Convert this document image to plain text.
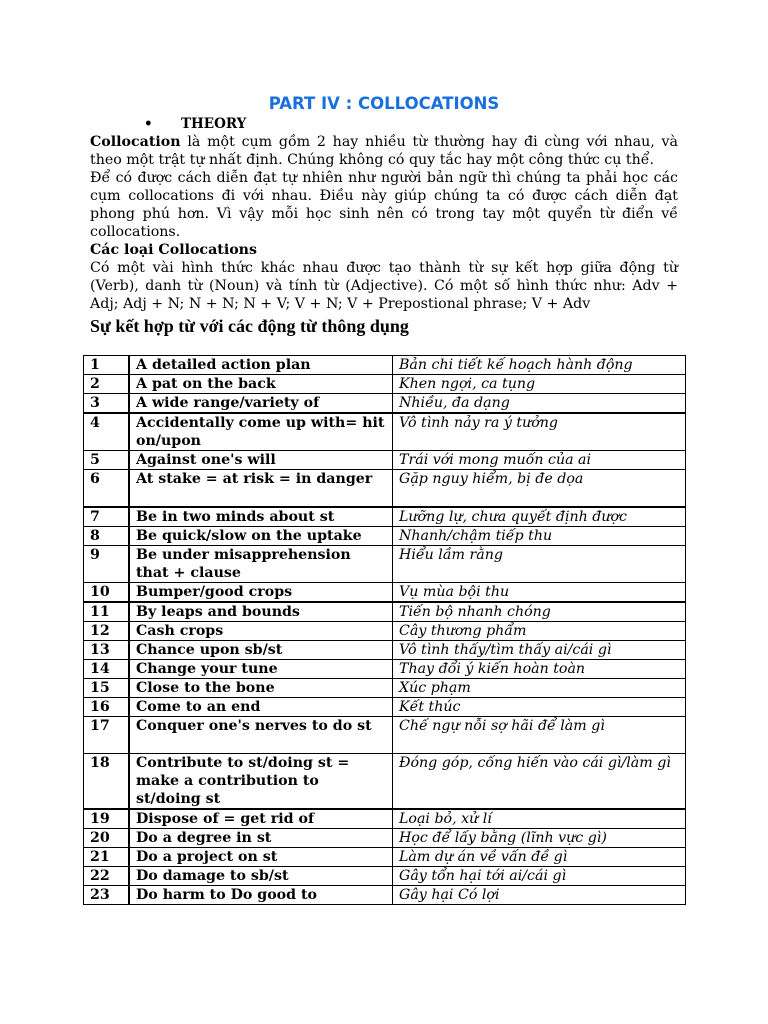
PART IV : COLLOCATIONS
• THEORY

Collocation là một cụm gồm 2 hay nhiều từ thường hay đi cùng với nhau, và theo một trật tự nhất định. Chúng không có quy tắc hay một công thức cụ thể.

Để có được cách diễn đạt tự nhiên như người bản ngữ thì chúng ta phải học các cụm collocations đi với nhau. Điều này giúp chúng ta có được cách diễn đạt phong phú hơn. Vì vậy mỗi học sinh nên có trong tay một quyển từ điển về collocations.

Các loại Collocations

Có một vài hình thức khác nhau được tạo thành từ sự kết hợp giữa động từ (Verb), danh từ (Noun) và tính từ (Adjective). Có một số hình thức như: Adv + Adj; Adj + N; N + N; N + V; V + N; V + Prepostional phrase; V + Adv

Sự kết hợp từ với các động từ thông dụng
1	A detailed action plan	Bản chi tiết kế hoạch hành động
2	A pat on the back	Khen ngợi, ca tụng
3	A wide range/variety of	Nhiều, đa dạng
4	Accidentally come up with= hit on/upon	Vô tình nảy ra ý tưởng
5	Against one's will	Trái với mong muốn của ai
6	At stake = at risk = in danger	Gặp nguy hiểm, bị đe dọa
7	Be in two minds about st	Lưỡng lự, chưa quyết định được
8	Be quick/slow on the uptake	Nhanh/chậm tiếp thu
9	Be under misapprehension that + clause	Hiểu lầm rằng
10	Bumper/good crops	Vụ mùa bội thu
11	By leaps and bounds	Tiến bộ nhanh chóng
12	Cash crops	Cây thương phẩm
13	Chance upon sb/st	Vô tình thấy/tìm thấy ai/cái gì
14	Change your tune	Thay đổi ý kiến hoàn toàn
15	Close to the bone	Xúc phạm
16	Come to an end	Kết thúc
17	Conquer one's nerves to do st	Chế ngự nỗi sợ hãi để làm gì
18	Contribute to st/doing st = make a contribution to st/doing st	Đóng góp, cống hiến vào cái gì/làm gì
19	Dispose of = get rid of	Loại bỏ, xử lí
20	Do a degree in st	Học để lấy bằng (lĩnh vực gì)
21	Do a project on st	Làm dự án về vấn đề gì
22	Do damage to sb/st	Gây tổn hại tới ai/cái gì
23	Do harm to Do good to	Gây hại Có lợi
